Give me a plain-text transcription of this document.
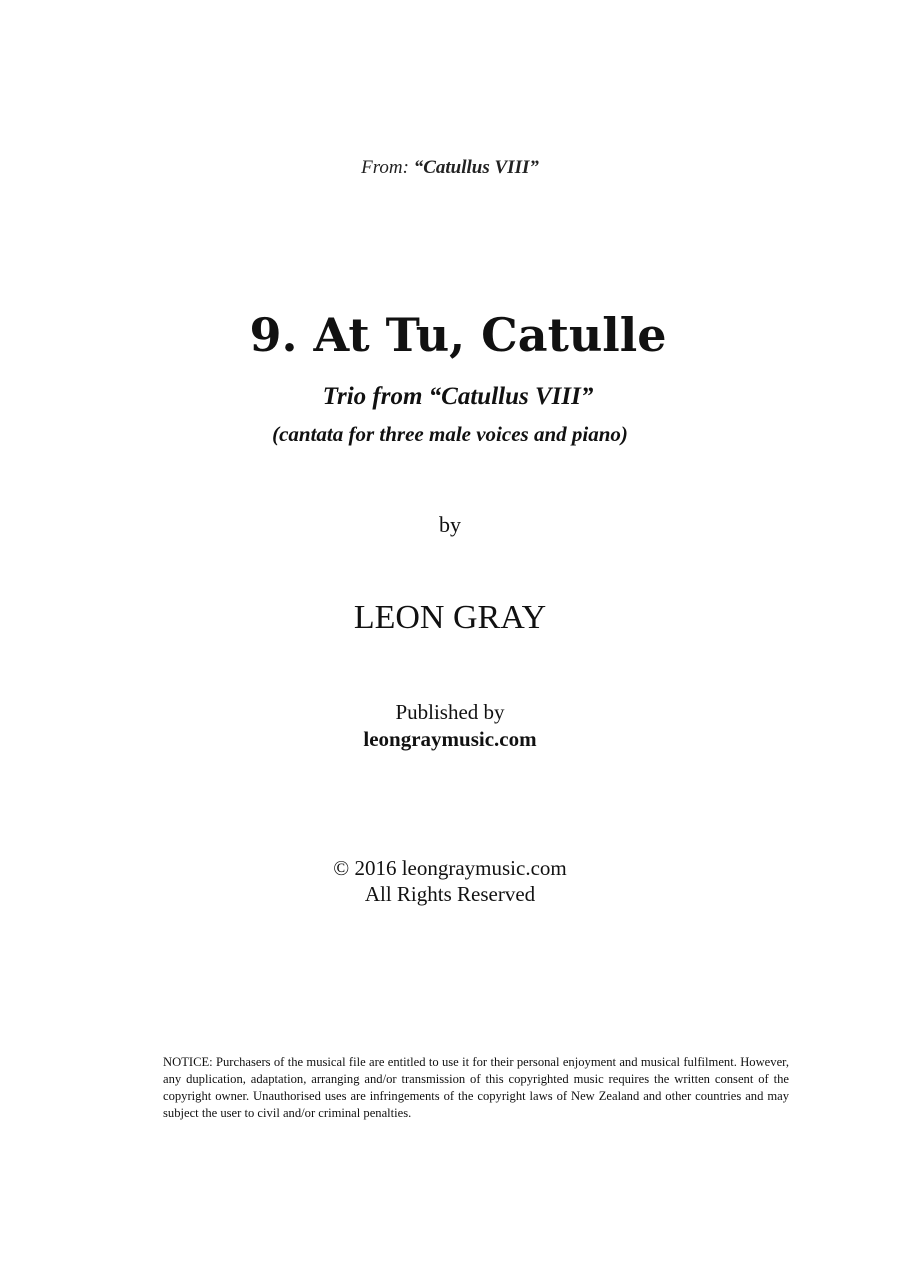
From: “Catullus VIII”

9. At Tu, Catulle

Trio from “Catullus VIII”

(cantata for three male voices and piano)

by

LEON GRAY

Published by

leongraymusic.com

© 2016 leongraymusic.com

All Rights Reserved

NOTICE: Purchasers of the musical file are entitled to use it for their personal enjoyment and musical fulfilment. However, any duplication, adaptation, arranging and/or transmission of this copyrighted music requires the written consent of the copyright owner. Unauthorised uses are infringements of the copyright laws of New Zealand and other countries and may subject the user to civil and/or criminal penalties.
